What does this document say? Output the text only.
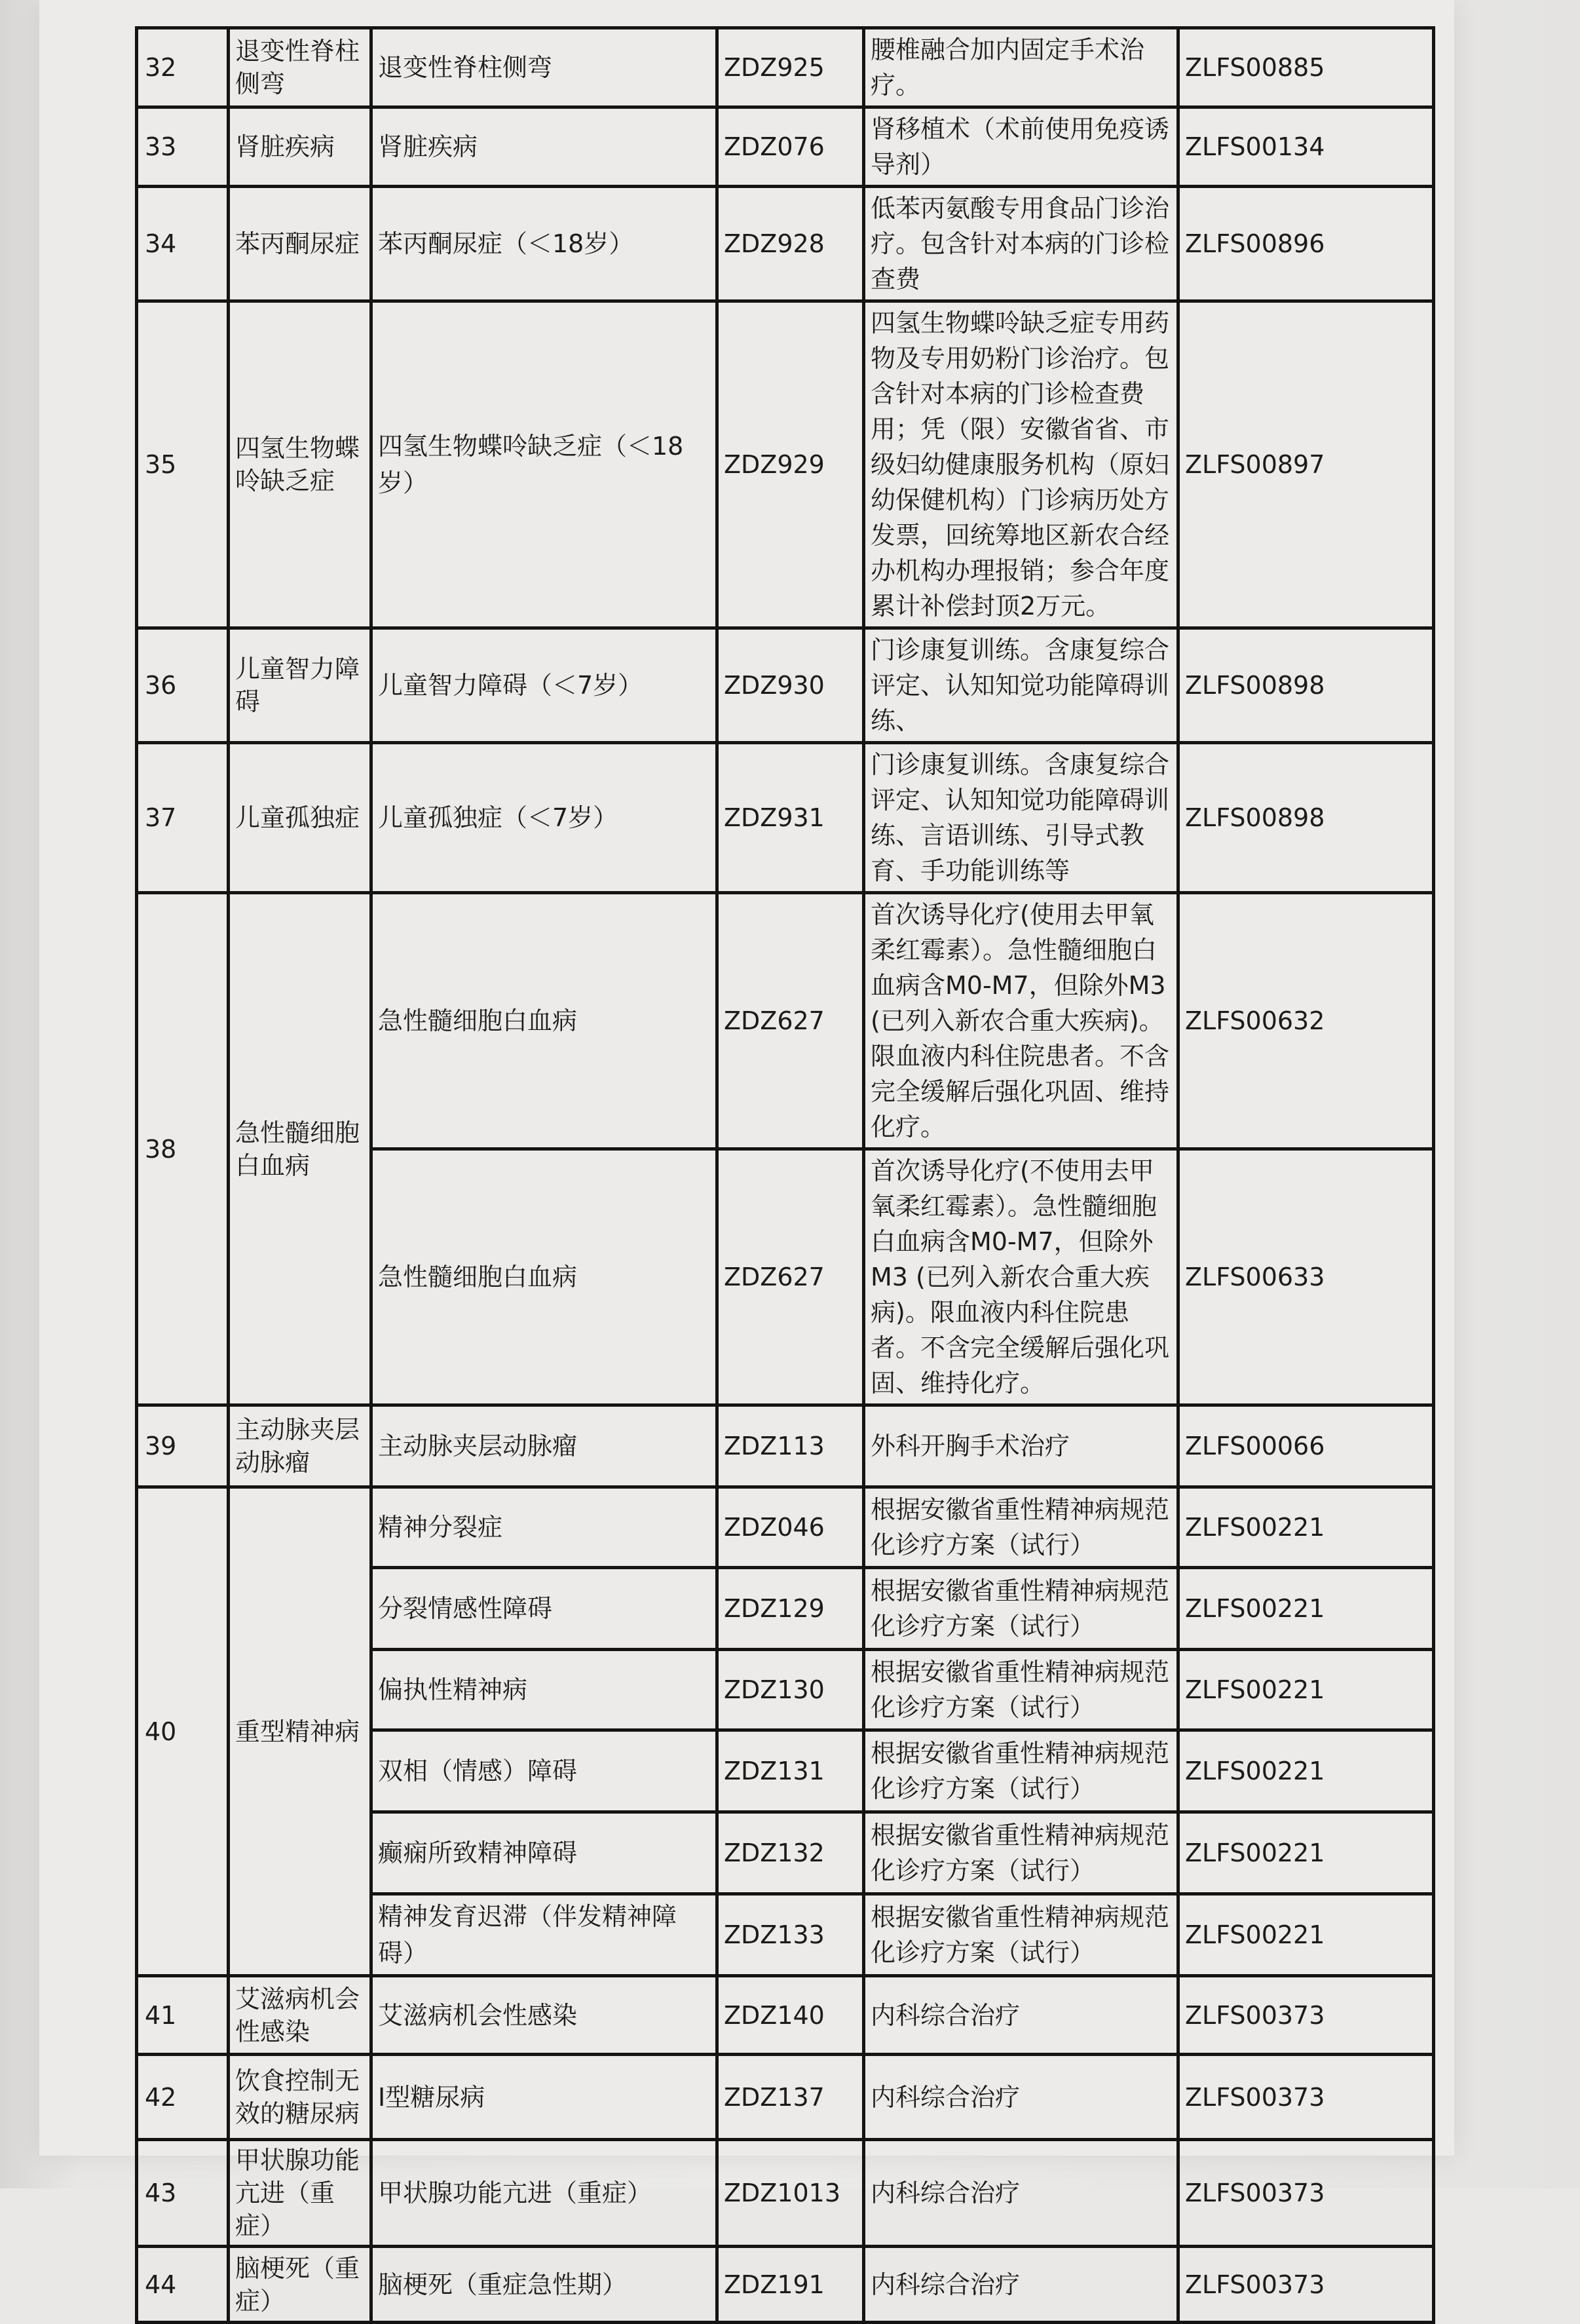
32	退变性脊柱侧弯	退变性脊柱侧弯	ZDZ925	腰椎融合加内固定手术治疗。	ZLFS00885
33	肾脏疾病	肾脏疾病	ZDZ076	肾移植术（术前使用免疫诱导剂）	ZLFS00134
34	苯丙酮尿症	苯丙酮尿症（＜18岁）	ZDZ928	低苯丙氨酸专用食品门诊治疗。包含针对本病的门诊检查费	ZLFS00896
35	四氢生物蝶呤缺乏症	四氢生物蝶呤缺乏症（＜18岁）	ZDZ929	四氢生物蝶呤缺乏症专用药物及专用奶粉门诊治疗。包含针对本病的门诊检查费用；凭（限）安徽省省、市级妇幼健康服务机构（原妇幼保健机构）门诊病历处方发票，回统筹地区新农合经办机构办理报销；参合年度累计补偿封顶2万元。	ZLFS00897
36	儿童智力障碍	儿童智力障碍（＜7岁）	ZDZ930	门诊康复训练。含康复综合评定、认知知觉功能障碍训练、	ZLFS00898
37	儿童孤独症	儿童孤独症（＜7岁）	ZDZ931	门诊康复训练。含康复综合评定、认知知觉功能障碍训练、言语训练、引导式教育、手功能训练等	ZLFS00898
38	急性髓细胞白血病	急性髓细胞白血病	ZDZ627	首次诱导化疗(使用去甲氧柔红霉素）。急性髓细胞白血病含M0-M7，但除外M3 (已列入新农合重大疾病)。限血液内科住院患者。不含完全缓解后强化巩固、维持化疗。	ZLFS00632
		急性髓细胞白血病	ZDZ627	首次诱导化疗(不使用去甲氧柔红霉素）。急性髓细胞白血病含M0-M7，但除外M3 (已列入新农合重大疾病)。限血液内科住院患者。不含完全缓解后强化巩固、维持化疗。	ZLFS00633
39	主动脉夹层动脉瘤	主动脉夹层动脉瘤	ZDZ113	外科开胸手术治疗	ZLFS00066
40	重型精神病	精神分裂症	ZDZ046	根据安徽省重性精神病规范化诊疗方案（试行）	ZLFS00221
		分裂情感性障碍	ZDZ129	根据安徽省重性精神病规范化诊疗方案（试行）	ZLFS00221
		偏执性精神病	ZDZ130	根据安徽省重性精神病规范化诊疗方案（试行）	ZLFS00221
		双相（情感）障碍	ZDZ131	根据安徽省重性精神病规范化诊疗方案（试行）	ZLFS00221
		癫痫所致精神障碍	ZDZ132	根据安徽省重性精神病规范化诊疗方案（试行）	ZLFS00221
		精神发育迟滞（伴发精神障碍）	ZDZ133	根据安徽省重性精神病规范化诊疗方案（试行）	ZLFS00221
41	艾滋病机会性感染	艾滋病机会性感染	ZDZ140	内科综合治疗	ZLFS00373
42	饮食控制无效的糖尿病	Ⅰ型糖尿病	ZDZ137	内科综合治疗	ZLFS00373
43	甲状腺功能亢进（重症）	甲状腺功能亢进（重症）	ZDZ1013	内科综合治疗	ZLFS00373
44	脑梗死（重症）	脑梗死（重症急性期）	ZDZ191	内科综合治疗	ZLFS00373
